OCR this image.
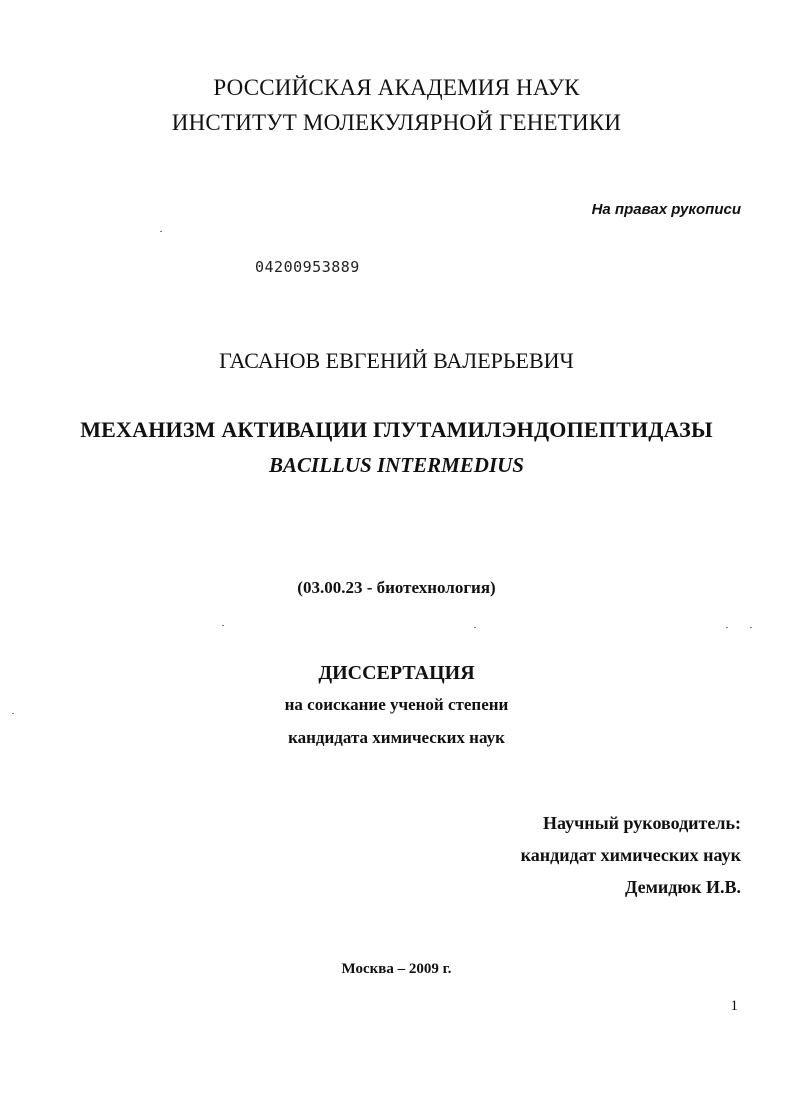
РОССИЙСКАЯ АКАДЕМИЯ НАУК
ИНСТИТУТ МОЛЕКУЛЯРНОЙ ГЕНЕТИКИ
На правах рукописи
04200953889
ГАСАНОВ ЕВГЕНИЙ ВАЛЕРЬЕВИЧ
МЕХАНИЗМ АКТИВАЦИИ ГЛУТАМИЛЭНДОПЕПТИДАЗЫ
BACILLUS INTERMEDIUS
(03.00.23 - биотехнология)
ДИССЕРТАЦИЯ
на соискание ученой степени
кандидата химических наук
Научный руководитель:
кандидат химических наук
Демидюк И.В.
Москва – 2009 г.
1
